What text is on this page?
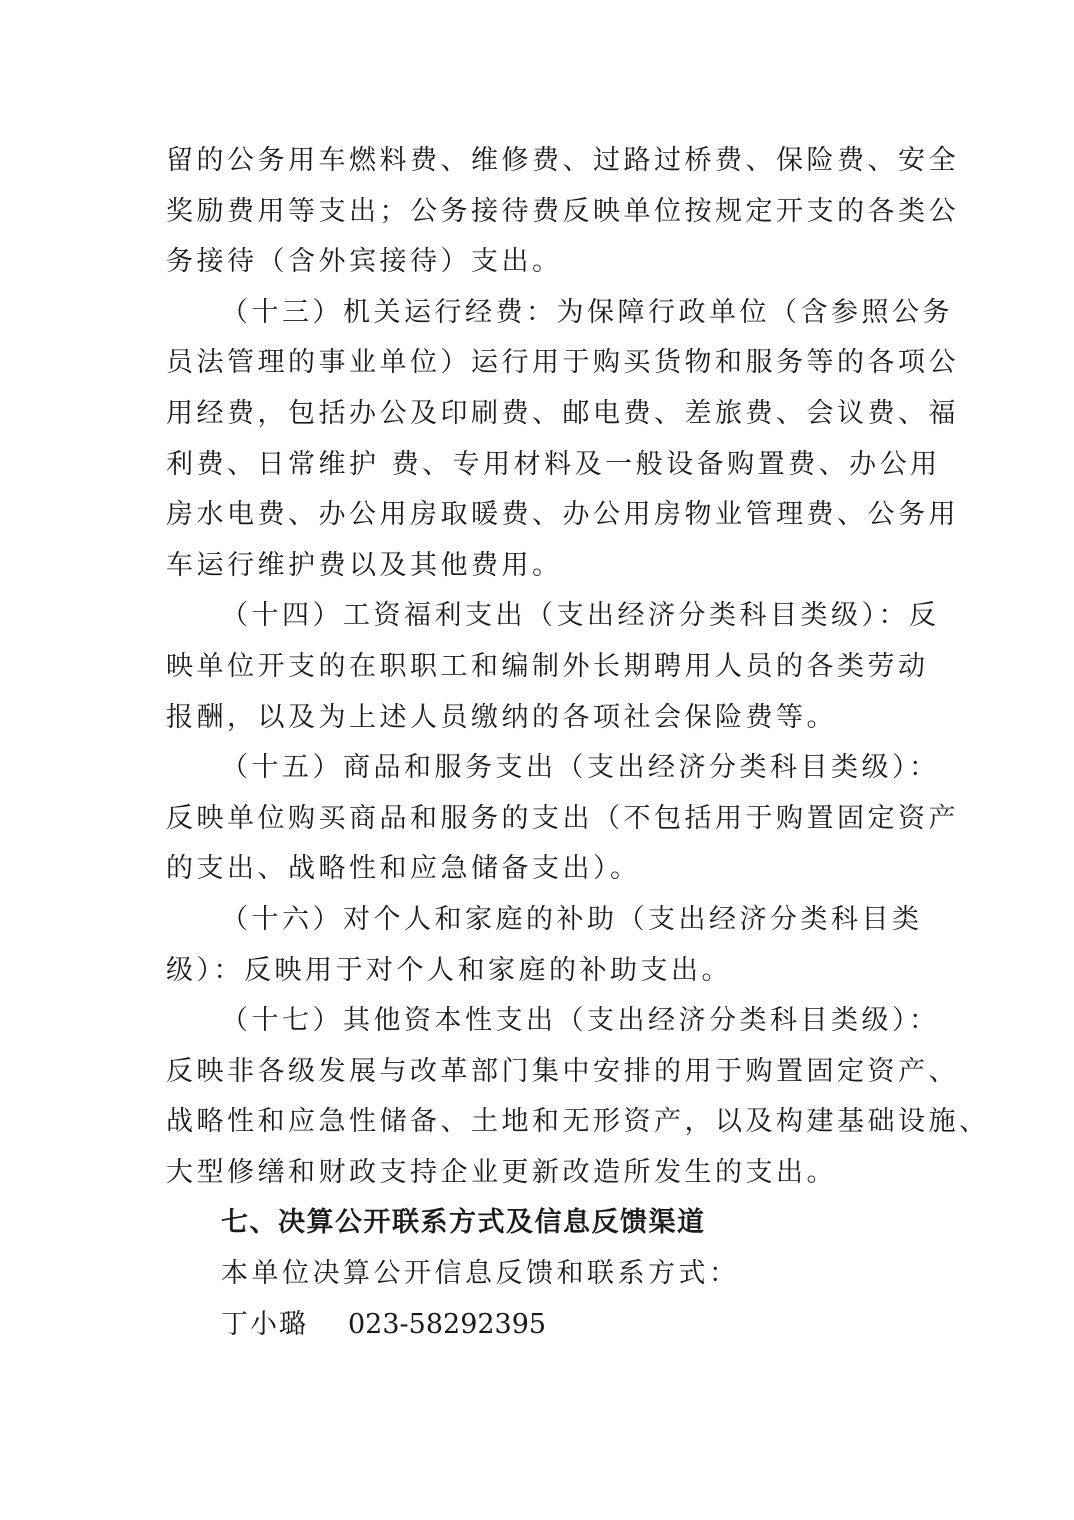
留的公务用车燃料费、维修费、过路过桥费、保险费、安全

奖励费用等支出；公务接待费反映单位按规定开支的各类公

务接待（含外宾接待）支出。

（十三）机关运行经费：为保障行政单位（含参照公务

员法管理的事业单位）运行用于购买货物和服务等的各项公

用经费，包括办公及印刷费、邮电费、差旅费、会议费、福

利费、日常维护 费、专用材料及一般设备购置费、办公用

房水电费、办公用房取暖费、办公用房物业管理费、公务用

车运行维护费以及其他费用。

（十四）工资福利支出（支出经济分类科目类级）：反

映单位开支的在职职工和编制外长期聘用人员的各类劳动

报酬，以及为上述人员缴纳的各项社会保险费等。

（十五）商品和服务支出（支出经济分类科目类级）：

反映单位购买商品和服务的支出（不包括用于购置固定资产

的支出、战略性和应急储备支出）。

（十六）对个人和家庭的补助（支出经济分类科目类

级）：反映用于对个人和家庭的补助支出。

（十七）其他资本性支出（支出经济分类科目类级）：

反映非各级发展与改革部门集中安排的用于购置固定资产、

战略性和应急性储备、土地和无形资产，以及构建基础设施、

大型修缮和财政支持企业更新改造所发生的支出。

七、决算公开联系方式及信息反馈渠道

本单位决算公开信息反馈和联系方式：

丁小璐 023-58292395
